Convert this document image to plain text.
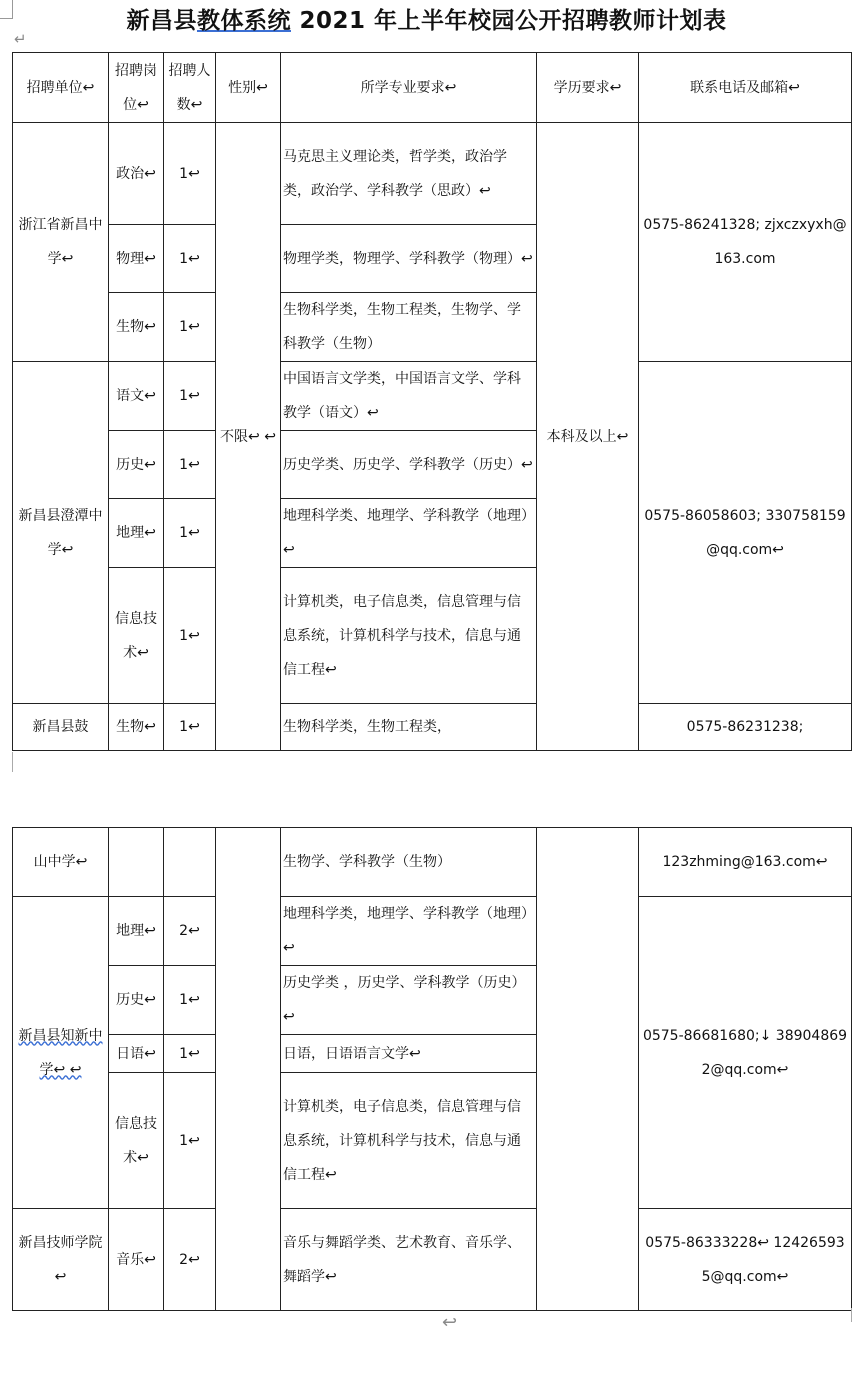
新昌县教体系统 2021 年上半年校园公开招聘教师计划表
↵
招聘单位↩	招聘岗位↩	招聘人数↩	性别↩	所学专业要求↩	学历要求↩	联系电话及邮箱↩
浙江省新昌中学↩	政治↩	1↩	不限↩ ↩	马克思主义理论类，哲学类，政治学类，政治学、学科教学（思政）↩	本科及以上↩	0575-86241328; zjxczxyxh@163.com
	物理↩	1↩		物理学类，物理学、学科教学（物理）↩		
	生物↩	1↩		生物科学类，生物工程类，生物学、学科教学（生物）		
新昌县澄潭中学↩	语文↩	1↩		中国语言文学类，中国语言文学、学科教学（语文）↩		0575-86058603; 330758159@qq.com↩
	历史↩	1↩		历史学类、历史学、学科教学（历史）↩		
	地理↩	1↩		地理科学类、地理学、学科教学（地理）↩		
	信息技术↩	1↩		计算机类，电子信息类，信息管理与信息系统，计算机科学与技术，信息与通信工程↩		
新昌县鼓	生物↩	1↩		生物科学类，生物工程类，		0575-86231238;
山中学↩				生物学、学科教学（生物）		123zhming@163.com↩
新昌县知新中学↩ ↩	地理↩	2↩		地理科学类，地理学、学科教学（地理）↩		0575-86681680;↓ 389048692@qq.com↩
	历史↩	1↩		历史学类 ，历史学、学科教学（历史）↩		
	日语↩	1↩		日语，日语语言文学↩		
	信息技术↩	1↩		计算机类，电子信息类，信息管理与信息系统，计算机科学与技术，信息与通信工程↩		
新昌技师学院↩	音乐↩	2↩		音乐与舞蹈学类、艺术教育、音乐学、舞蹈学↩		0575-86333228↩ 124265935@qq.com↩
↩
